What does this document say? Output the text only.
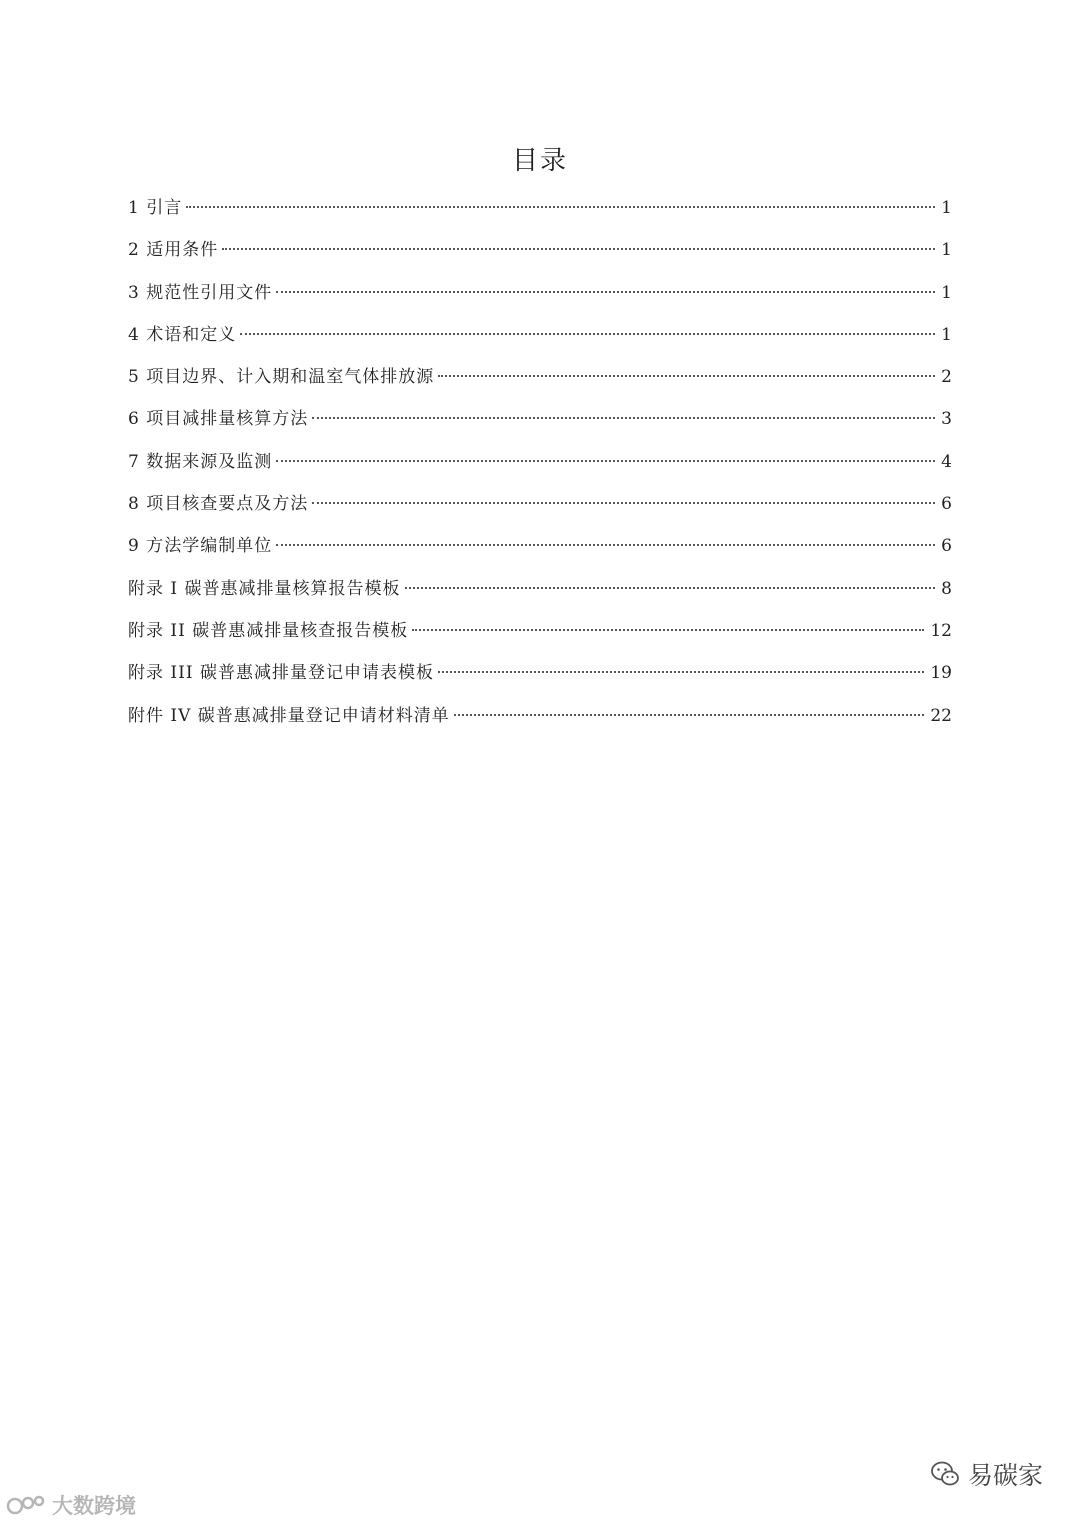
目录
1 引言	1
2 适用条件	1
3 规范性引用文件	1
4 术语和定义	1
5 项目边界、计入期和温室气体排放源	2
6 项目减排量核算方法	3
7 数据来源及监测	4
8 项目核查要点及方法	6
9 方法学编制单位	6
附录 I 碳普惠减排量核算报告模板	8
附录 II 碳普惠减排量核查报告模板	12
附录 III 碳普惠减排量登记申请表模板	19
附件 IV 碳普惠减排量登记申请材料清单	22
大数跨境
易碳家
